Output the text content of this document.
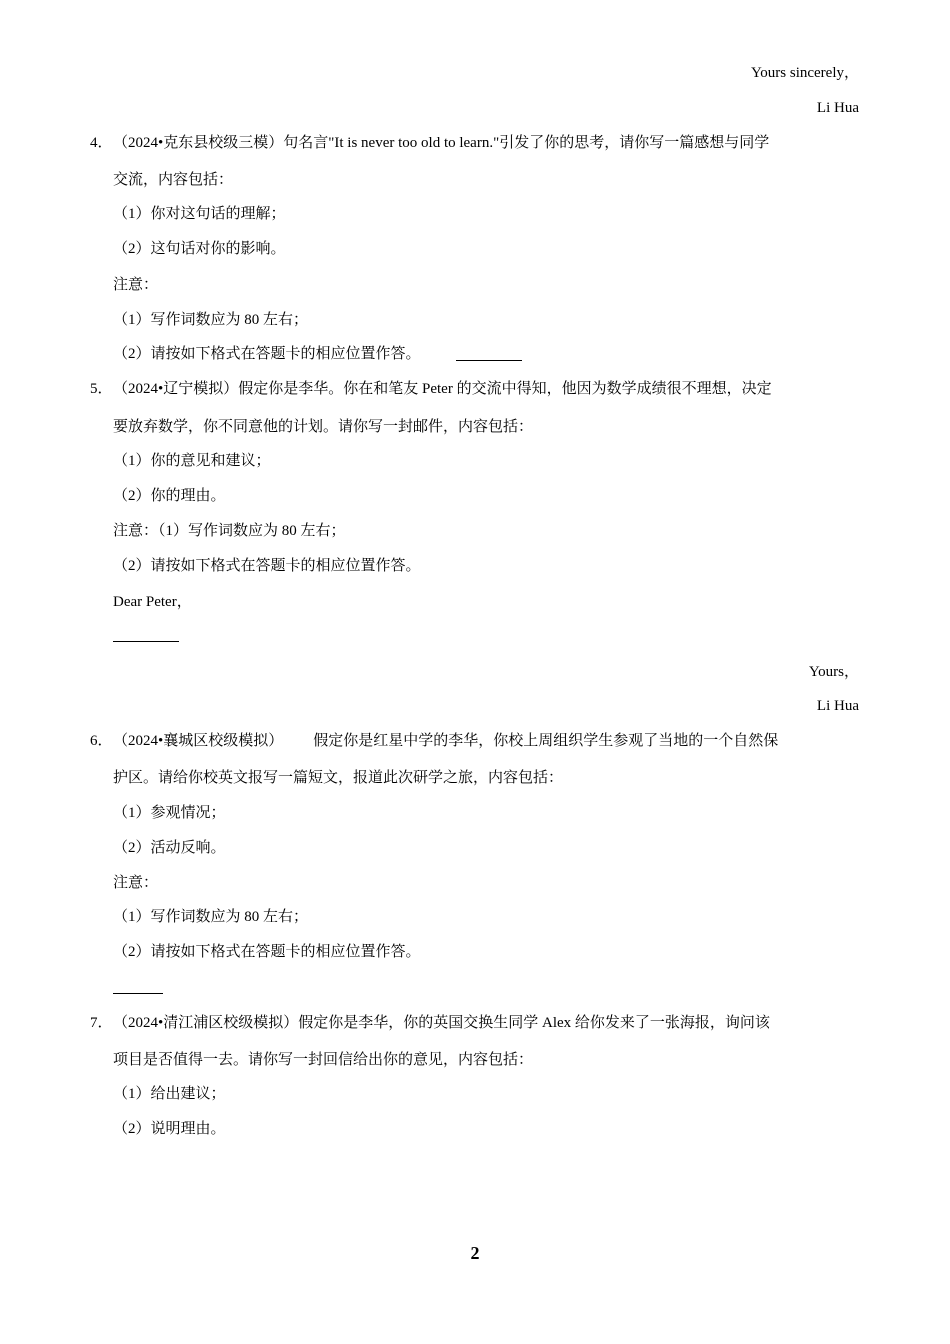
Yours sincerely，
Li Hua
4． （2024•克东县校级三模）句名言"It is never too old to learn."引发了你的思考，请你写一篇感想与同学
交流，内容包括：
（1）你对这句话的理解；
（2）这句话对你的影响。
注意：
（1）写作词数应为 80 左右；
（2）请按如下格式在答题卡的相应位置作答。
5． （2024•辽宁模拟）假定你是李华。你在和笔友 Peter 的交流中得知，他因为数学成绩很不理想，决定
要放弃数学，你不同意他的计划。请你写一封邮件，内容包括：
（1）你的意见和建议；
（2）你的理由。
注意：（1）写作词数应为 80 左右；
（2）请按如下格式在答题卡的相应位置作答。
Dear Peter，
Yours，
Li Hua
6． （2024•襄城区校级模拟）        假定你是红星中学的李华，你校上周组织学生参观了当地的一个自然保
护区。请给你校英文报写一篇短文，报道此次研学之旅，内容包括：
（1）参观情况；
（2）活动反响。
注意：
（1）写作词数应为 80 左右；
（2）请按如下格式在答题卡的相应位置作答。
7． （2024•清江浦区校级模拟）假定你是李华，你的英国交换生同学 Alex 给你发来了一张海报，询问该
项目是否值得一去。请你写一封回信给出你的意见，内容包括：
（1）给出建议；
（2）说明理由。
2
